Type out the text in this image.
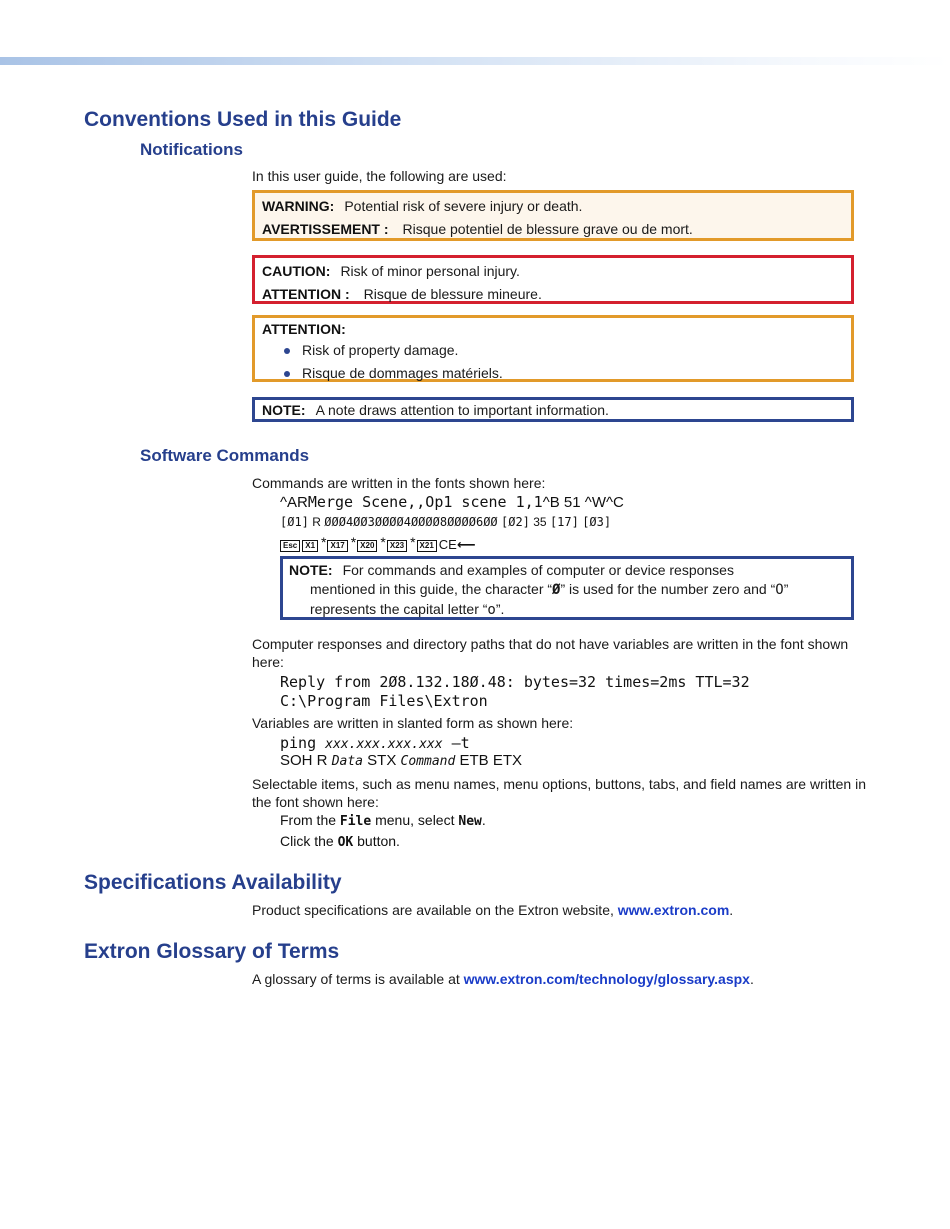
Conventions Used in this Guide
Notifications

In this user guide, the following are used:

WARNING: Potential risk of severe injury or death.
AVERTISSEMENT : Risque potentiel de blessure grave ou de mort.
CAUTION: Risk of minor personal injury.
ATTENTION : Risque de blessure mineure.
ATTENTION:
Risk of property damage.
Risque de dommages matériels.
NOTE: A note draws attention to important information.
Software Commands

Commands are written in the fonts shown here:

^ARMerge Scene,,Op1 scene 1,1^B 51 ^W^C
[Ø1] R ØØØ4ØØ3ØØØØ4ØØØØ8ØØØØ6ØØ [Ø2] 35 [17] [Ø3]
Esc X1 * X17 * X20 * X23 * X21 CE⟵
NOTE: For commands and examples of computer or device responses
mentioned in this guide, the character “Ø” is used for the number zero and “O”
represents the capital letter “o”.

Computer responses and directory paths that do not have variables are written in the font shown here:

Reply from 2Ø8.132.18Ø.48: bytes=32 times=2ms TTL=32
C:\Program Files\Extron

Variables are written in slanted form as shown here:

ping xxx.xxx.xxx.xxx —t
SOH R Data STX Command ETB ETX

Selectable items, such as menu names, menu options, buttons, tabs, and field names are written in the font shown here:

From the File menu, select New.
Click the OK button.
Specifications Availability

Product specifications are available on the Extron website, www.extron.com.

Extron Glossary of Terms

A glossary of terms is available at www.extron.com/technology/glossary.aspx.
